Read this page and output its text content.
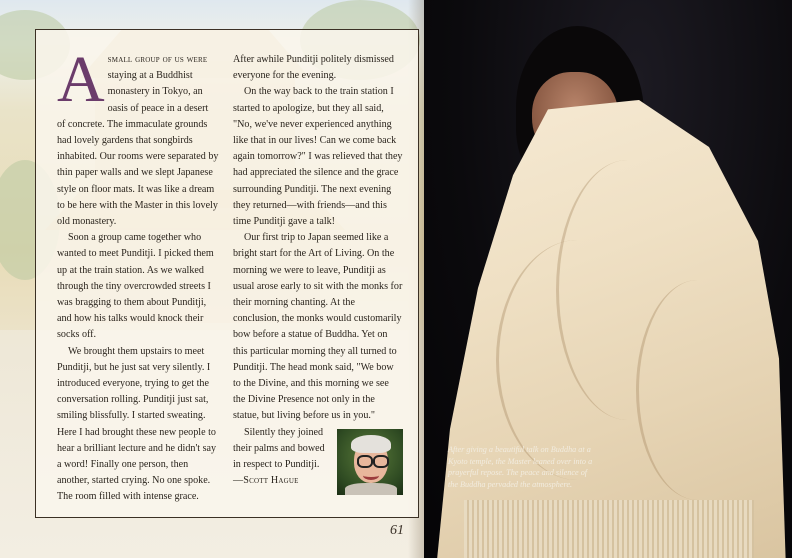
Asmall group of us were staying at a Buddhist monastery in Tokyo, an oasis of peace in a desert of concrete. The immaculate grounds had lovely gardens that songbirds inhabited. Our rooms were separated by thin paper walls and we slept Japanese style on floor mats. It was like a dream to be here with the Master in this lovely old monastery.

Soon a group came together who wanted to meet Punditji. I picked them up at the train station. As we walked through the tiny overcrowded streets I was bragging to them about Punditji, and how his talks would knock their socks off.

We brought them upstairs to meet Punditji, but he just sat very silently. I introduced everyone, trying to get the conversation rolling. Punditji just sat, smiling blissfully. I started sweating. Here I had brought these new people to hear a brilliant lecture and he didn't say a word! Finally one person, then another, started crying. No one spoke. The room filled with intense grace.

After awhile Punditji politely dismissed everyone for the evening.

On the way back to the train station I started to apologize, but they all said, "No, we've never experienced anything like that in our lives! Can we come back again tomorrow?" I was relieved that they had appreciated the silence and the grace surrounding Punditji. The next evening they returned—with friends—and this time Punditji gave a talk!

Our first trip to Japan seemed like a bright start for the Art of Living. On the morning we were to leave, Punditji as usual arose early to sit with the monks for their morning chanting. At the conclusion, the monks would customarily bow before a statue of Buddha. Yet on this particular morning they all turned to Punditji. The head monk said, "We bow to the Divine, and this morning we see the Divine Presence not only in the statue, but living before us in you."

Silently they joined their palms and bowed in respect to Punditji.

—Scott Hague

61
After giving a beautiful talk on Buddha at a Kyoto temple, the Master leaned over into a prayerful repose. The peace and silence of the Buddha pervaded the atmosphere.
